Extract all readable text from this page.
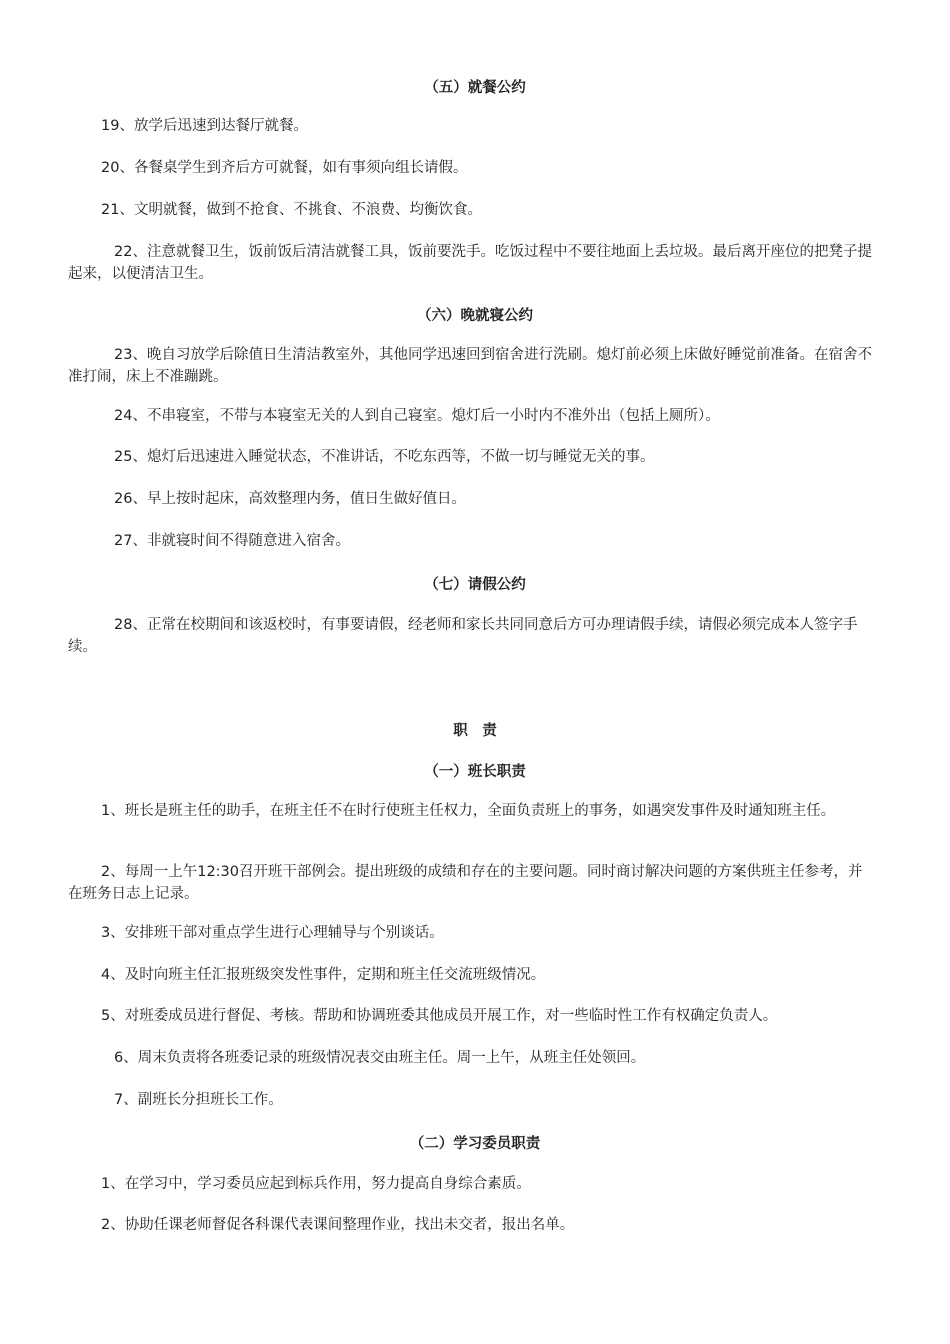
（五）就餐公约
19、放学后迅速到达餐厅就餐。
20、各餐桌学生到齐后方可就餐，如有事须向组长请假。
21、文明就餐，做到不抢食、不挑食、不浪费、均衡饮食。
22、注意就餐卫生，饭前饭后清洁就餐工具，饭前要洗手。吃饭过程中不要往地面上丢垃圾。最后离开座位的把凳子提起来，以便清洁卫生。
（六）晚就寝公约
23、晚自习放学后除值日生清洁教室外，其他同学迅速回到宿舍进行洗刷。熄灯前必须上床做好睡觉前准备。在宿舍不准打闹，床上不准蹦跳。
24、不串寝室，不带与本寝室无关的人到自己寝室。熄灯后一小时内不准外出（包括上厕所）。
25、熄灯后迅速进入睡觉状态，不准讲话，不吃东西等，不做一切与睡觉无关的事。
26、早上按时起床，高效整理内务，值日生做好值日。
27、非就寝时间不得随意进入宿舍。
（七）请假公约
28、正常在校期间和该返校时，有事要请假，经老师和家长共同同意后方可办理请假手续，请假必须完成本人签字手续。
职　责
（一）班长职责
1、班长是班主任的助手，在班主任不在时行使班主任权力，全面负责班上的事务，如遇突发事件及时通知班主任。
2、每周一上午12:30召开班干部例会。提出班级的成绩和存在的主要问题。同时商讨解决问题的方案供班主任参考，并在班务日志上记录。
3、安排班干部对重点学生进行心理辅导与个别谈话。
4、及时向班主任汇报班级突发性事件，定期和班主任交流班级情况。
5、对班委成员进行督促、考核。帮助和协调班委其他成员开展工作，对一些临时性工作有权确定负责人。
6、周末负责将各班委记录的班级情况表交由班主任。周一上午，从班主任处领回。
7、副班长分担班长工作。
（二）学习委员职责
1、在学习中，学习委员应起到标兵作用，努力提高自身综合素质。
2、协助任课老师督促各科课代表课间整理作业，找出未交者，报出名单。
